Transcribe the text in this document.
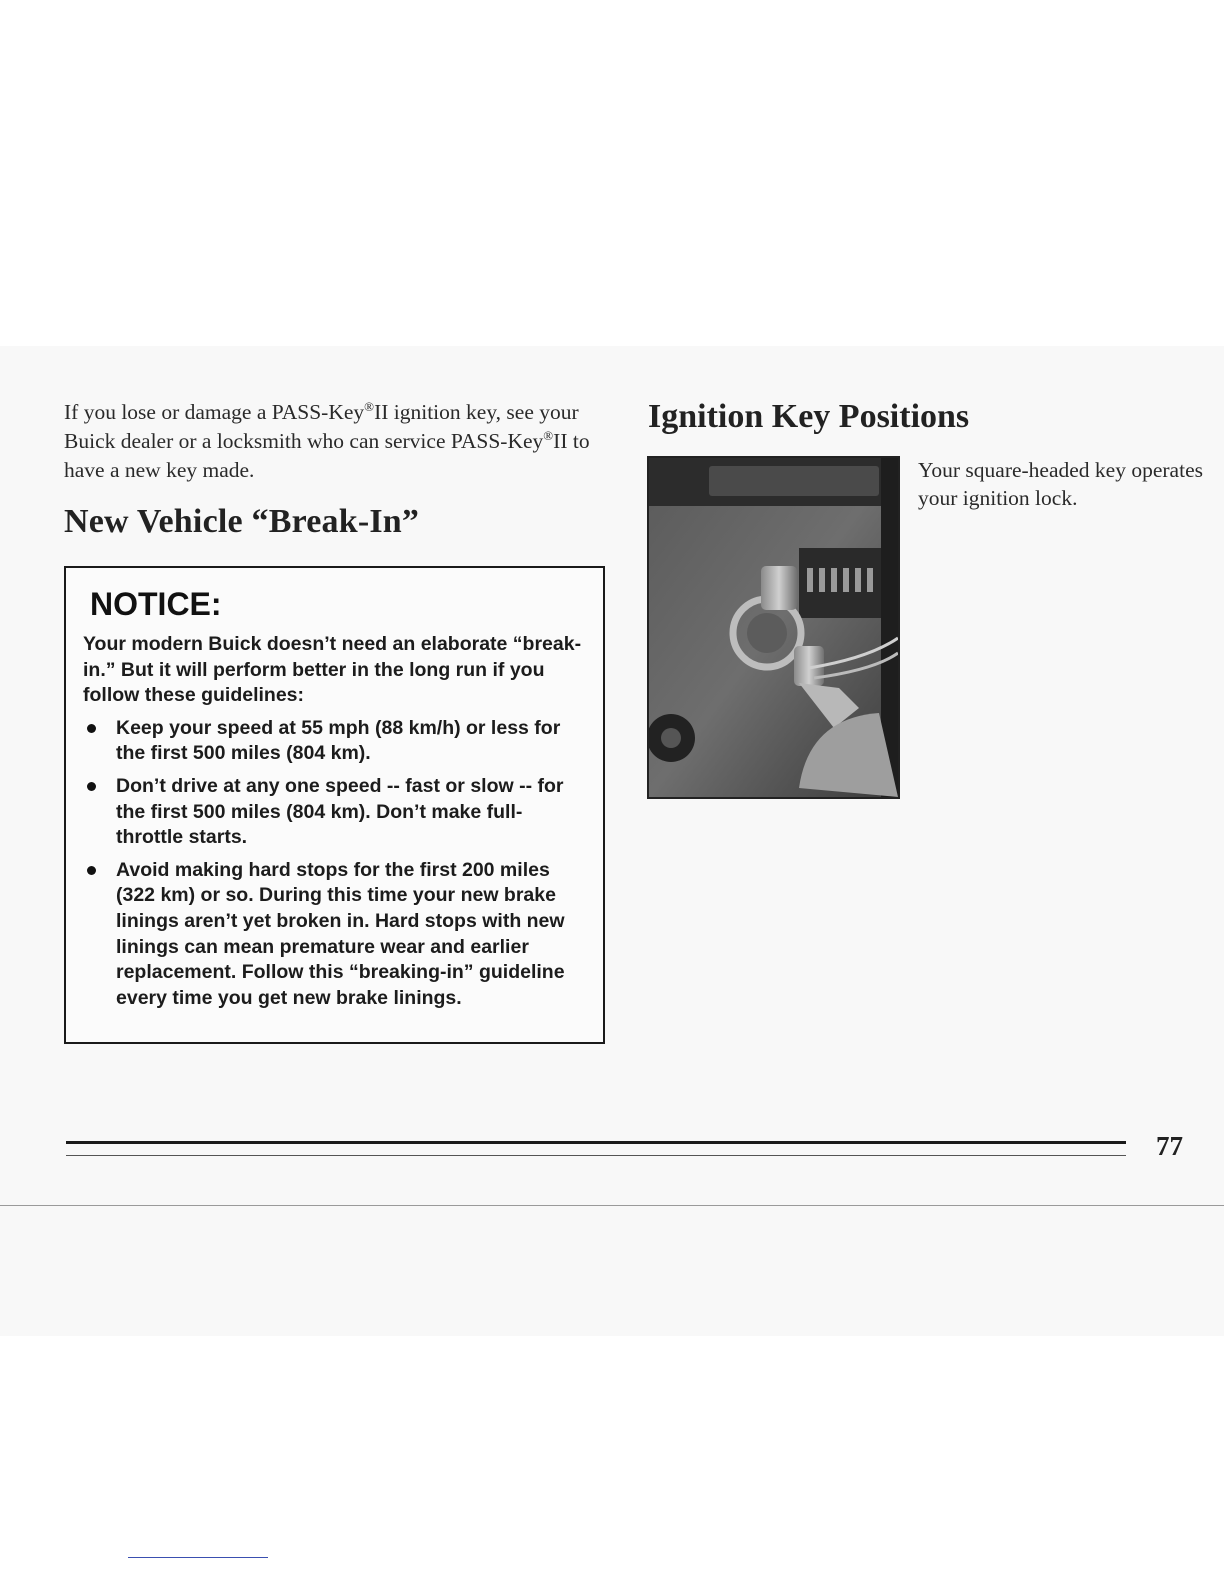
If you lose or damage a PASS-Key®II ignition key, see your Buick dealer or a locksmith who can service PASS-Key®II to have a new key made.
New Vehicle “Break-In”
NOTICE:

Your modern Buick doesn’t need an elaborate “break-in.” But it will perform better in the long run if you follow these guidelines:

Keep your speed at 55 mph (88 km/h) or less for the first 500 miles (804 km).
Don’t drive at any one speed -- fast or slow -- for the first 500 miles (804 km). Don’t make full-throttle starts.
Avoid making hard stops for the first 200 miles (322 km) or so. During this time your new brake linings aren’t yet broken in. Hard stops with new linings can mean premature wear and earlier replacement. Follow this “breaking-in” guideline every time you get new brake linings.
Ignition Key Positions
Your square-headed key operates your ignition lock.
77
